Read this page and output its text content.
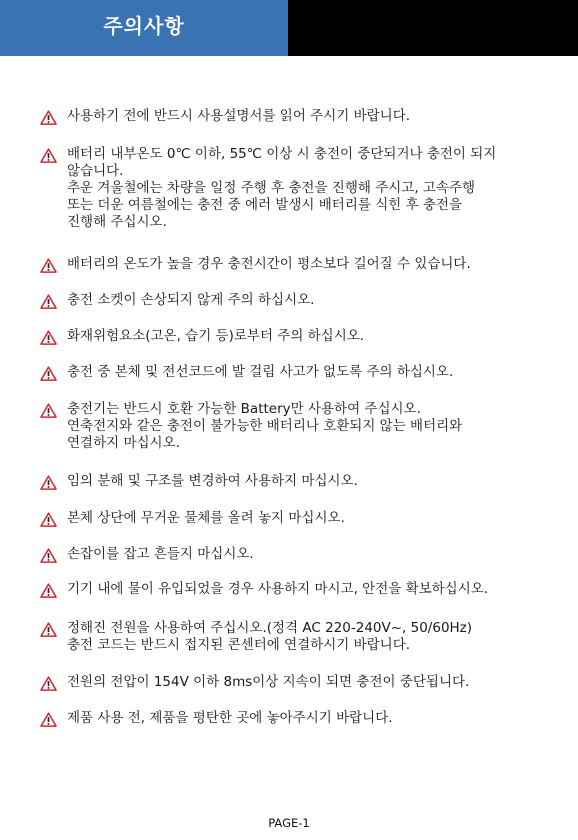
주의사항
사용하기 전에 반드시 사용설명서를 읽어 주시기 바랍니다.
배터리 내부온도 0℃ 이하, 55℃ 이상 시 충전이 중단되거나 충전이 되지
않습니다.
추운 겨울철에는 차량을 일정 주행 후 충전을 진행해 주시고, 고속주행
또는 더운 여름철에는 충전 중 에러 발생시 배터리를 식힌 후 충전을
진행해 주십시오.
배터리의 온도가 높을 경우 충전시간이 평소보다 길어질 수 있습니다.
충전 소켓이 손상되지 않게 주의 하십시오.
화재위험요소(고온, 습기 등)로부터 주의 하십시오.
충전 중 본체 및 전선코드에 발 걸림 사고가 없도록 주의 하십시오.
충전기는 반드시 호환 가능한 Battery만 사용하여 주십시오.
연축전지와 같은 충전이 불가능한 배터리나 호환되지 않는 배터리와
연결하지 마십시오.
임의 분해 및 구조를 변경하여 사용하지 마십시오.
본체 상단에 무거운 물체를 올려 놓지 마십시오.
손잡이를 잡고 흔들지 마십시오.
기기 내에 물이 유입되었을 경우 사용하지 마시고, 안전을 확보하십시오.
정해진 전원을 사용하여 주십시오.(정격 AC 220-240V~, 50/60Hz)
충전 코드는 반드시 접지된 콘센터에 연결하시기 바랍니다.
전원의 전압이 154V 이하 8ms이상 지속이 되면 충전이 중단됩니다.
제품 사용 전, 제품을 평탄한 곳에 놓아주시기 바랍니다.
PAGE-1
